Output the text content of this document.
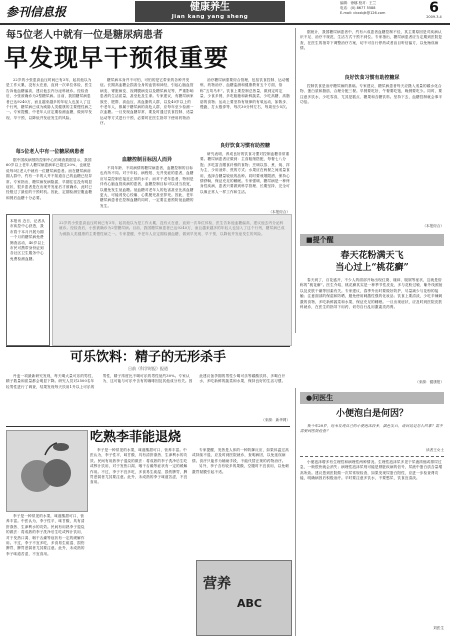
参刊信息报	健康养生
Jian kang yang sheng
编辑：徐娜 校对：王兰
电话：(0) 8677 5588
E-mail: ckxxbjk@126.com	6
2009.3.4
每5位老人中就有一位是糖尿病患者
早发现早干预很重要

22岁的小张患高血压时间已有3年，起初他以为是工作太累，没有太在意，直到一次单位体检，医生告诉他血糖偏高，建议他去内分泌科就诊。经检查后，小张被确诊为2型糖尿病。目前，我国糖尿病患者已达9240万，而且越来越多的年轻人也加入了这个行列，糖尿病已成为威胁人类健康的主要慢性病之一。专家提醒，中老年人应定期检测血糖，做到早发现、早干预，以降低并发症发生的风险。

每5位老人中有一位糖尿病患者

据中国疾病预防控制中心的调查数据显示，我国60岁以上老年人糖尿病患病率已超过20%，也就是说每5位老人中就有一位糖尿病患者。而在糖尿病前期人群中，约有一半的人并不知道自己的血糖已经异常。专家指出，糖尿病发病隐匿，早期往往没有明显症状，很多患者是在出现并发症后才被确诊，此时已经错过了最佳的干预时机。因此，定期检测空腹血糖和餐后血糖十分必要。

糖尿病本身并不可怕，可怕的是它带来的各种并发症。长期高血糖会损害全身的血管和神经，引起心脑血管病变、肾脏病变、视网膜病变以及糖尿病足等，严重影响患者的生活质量，甚至危及生命。专家建议，有糖尿病家族史、肥胖、高血压、高血脂的人群，以及40岁以上的中老年人，都属于糖尿病的高危人群，应每年至少检测一次血糖。一旦发现血糖异常，要及时通过饮食控制、适量运动等方式进行干预，必要时在医生指导下使用药物治疗。

血糖控制目标因人而异

不同年龄、不同病情的糖尿病患者，血糖控制的目标也有所不同。对于年轻、病程短、无并发症的患者，血糖应尽量控制在接近正常的水平；而对于老年患者，特别是伴有心脑血管疾病的患者，血糖控制目标可以适当放宽，以避免发生低血糖。低血糖对老年人的危害甚至比高血糖更大，可能诱发心绞痛、心肌梗死甚至猝死。因此，老年糖尿病患者在控制血糖的同时，一定要注意预防低血糖的发生。

治疗糖尿病需要综合管理，包括饮食控制、运动锻炼、药物治疗、血糖监测和健康教育五个方面，俗称“五驾马车”。饮食上要控制总热量，做到定时定量、少食多餐，多吃粗粮和新鲜蔬菜，少吃高糖、高脂肪的食物；运动上要坚持有规律的有氧运动，如散步、慢跑、打太极拳等，每次30分钟左右，每周至少5次。

良好饮食习惯有助控糖

研究表明，养成良好的饮食习惯对控制血糖非常重要。糖尿病患者应做到：主食粗细搭配，每餐七八分饱；多吃富含膳食纤维的食物；烹调以蒸、煮、炖、拌为主，少用油炸、煎的方式；水果应在两餐之间适量食用，选择含糖量较低的品种。同时要戒烟限酒，保持心情舒畅，保证充足的睡眠。专家强调，糖尿病是一种终身性疾病，患者只要做到科学管理、长期坚持，完全可以像正常人一样工作和生活。

（本报综合）

据统计，我国糖尿病患者中，约有六成患者血糖控制不佳，其主要原因是对疾病认识不足、治疗不规范、生活方式干预不到位。专家指出，糖尿病患者应当定期到医院复查，在医生的指导下调整治疗方案，切不可自行停药或者盲目听信偏方，以免贻误病情。

良好饮食习惯有助控糖尿

控制饮食是治疗糖尿病的基础。专家建议，糖尿病患者每天应摄入适量的碳水化合物、蛋白质和脂肪，合理分配三餐。早餐要吃好，午餐要吃饱，晚餐要吃少。同时，要注意多饮水，少吃零食，尤其是糕点、糖果和含糖饮料。坚持下去，血糖控制就会事半功倍。

（本报综合）
本报讯 近日，记者从市疾控中心获悉，我市将于本月开展为期一个月的糖尿病免费筛查活动，40岁以上市民可携带身份证到各社区卫生服务中心免费检测血糖。
22岁的小张患高血压时间已有3年，起初他以为是工作太累，没有太在意，直到一次单位体检，医生告诉他血糖偏高，建议他去内分泌科就诊。经检查后，小张被确诊为2型糖尿病。目前，我国糖尿病患者已达9240万，而且越来越多的年轻人也加入了这个行列，糖尿病已成为威胁人类健康的主要慢性病之一。专家提醒，中老年人应定期检测血糖，做到早发现、早干预，以降低并发症发生的风险。
■提个醒
春天花粉满天飞
当心过上“桃花癣”

春天到了，百花盛开，不少人的面部开始出现红斑、瘙痒、脱屑等症状，这就是俗称的“桃花癣”。医生介绍，桃花癣其实是一种季节性皮炎，多与花粉过敏、紫外线照射以及皮肤干燥等因素有关。专家建议，春季外出时要做好防护，尽量减少与花粉的接触；注意面部的保湿和防晒，避免使用刺激性强的化妆品；饮食上要清淡，少吃辛辣刺激的食物，多吃新鲜蔬菜和水果，保证充足的睡眠。一旦出现症状，应及时到医院皮肤科就诊，在医生的指导下用药，切勿自行乱用激素类药膏。

（来源：健康报）
可乐饮料：精子的无形杀手
日前（科学时报）报道

丹麦一项最新研究发现，每天喝大量可乐的男性，精子数量和质量都会明显下降。研究人员对2500名年轻男性进行了调查，结果发现每天饮用1升以上可乐的男性，精子浓度比不喝可乐的男性低约30%。专家认为，这可能与可乐中含有的咖啡因及其他成分有关。因此建议备孕期的男性少喝可乐等碳酸饮料，多喝白开水，多吃新鲜的蔬菜和水果，保持良好的生活习惯。

（来源：新华网）
吃熟李菲能退烧

李子是一种常见的水果，味道酸甜可口，营养丰富。中医认为，李子性平，味甘酸，具有清肝涤热、生津利水的功效。民间有用熟李子退烧的做法：将成熟的李子洗净后生吃或榨汁饮用，对于发热口渴、咽干舌燥等症状有一定的缓解作用。不过，李子不宜多吃，多食易生痰湿、损伤脾胃，脾胃虚弱者尤其要注意。此外，未成熟的李子味道苦涩，不宜食用。

专家提醒，发热是人体的一种防御反应，如果体温过高或持续不退，应及时到医院就诊，查明病因，以免延误病情。食疗只能作为辅助手段，不能代替正规的药物治疗。

另外，李子含有较多的果酸，空腹时不宜食用，以免刺激胃黏膜引起不适。

李子是一种常见的水果，味道酸甜可口，营养丰富。中医认为，李子性平，味甘酸，具有清肝涤热、生津利水的功效。民间有用熟李子退烧的做法：将成熟的李子洗净后生吃或榨汁饮用，对于发热口渴、咽干舌燥等症状有一定的缓解作用。不过，李子不宜多吃，多食易生痰湿、损伤脾胃，脾胃虚弱者尤其要注意。此外，未成熟的李子味道苦涩，不宜食用。

营养
ABC
●问医生
小便泡白是何因？

我今年28岁，近来发现自己的小便泡沫较多，颜色发白，请问这是怎么回事？需不需要到医院检查？

读者王女士

小便泡沫增多有生理性和病理性两种情况。生理性泡沫尿多见于尿液浓缩或排尿过急，一般很快就会消失；病理性泡沫尿则可能是肾脏疾病的信号，尿液中蛋白质含量增高所致。建议您到医院做一次尿常规检查，如果发现尿蛋白阳性，应进一步检查肾功能，明确病因后积极治疗。平时要注意多饮水，不要憋尿，饮食宜清淡。

刘医生
